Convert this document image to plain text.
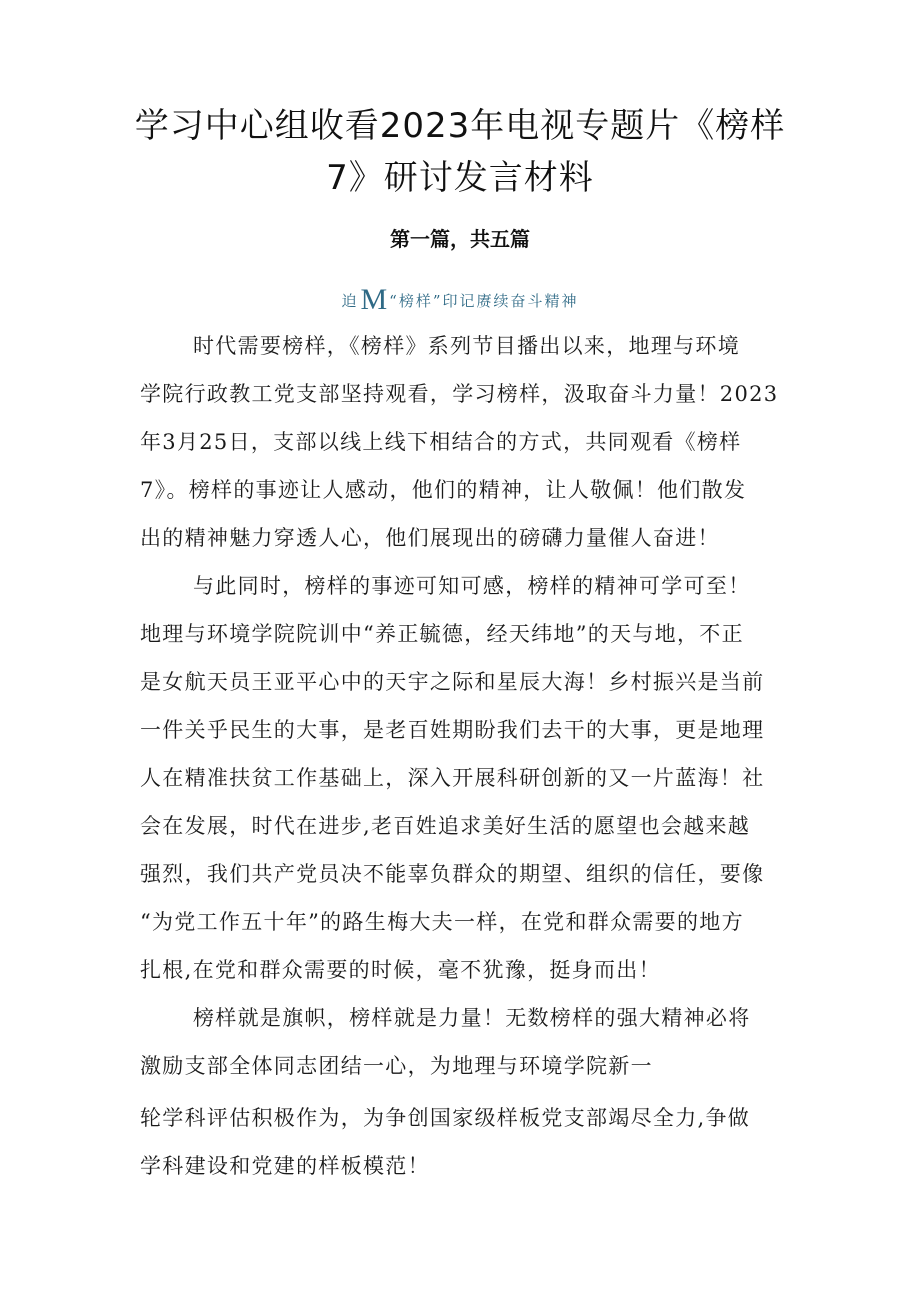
学习中心组收看2023年电视专题片《榜样
7》研讨发言材料
第一篇，共五篇
迫M “榜样”印记赓续奋斗精神
时代需要榜样，《榜样》系列节目播出以来，地理与环境
学院行政教工党支部坚持观看，学习榜样，汲取奋斗力量！2023
年3月25日，支部以线上线下相结合的方式，共同观看《榜样
7》。榜样的事迹让人感动，他们的精神，让人敬佩！他们散发
出的精神魅力穿透人心，他们展现出的磅礴力量催人奋进！
与此同时，榜样的事迹可知可感，榜样的精神可学可至！
地理与环境学院院训中“养正毓德，经天纬地”的天与地，不正
是女航天员王亚平心中的天宇之际和星辰大海！乡村振兴是当前
一件关乎民生的大事，是老百姓期盼我们去干的大事，更是地理
人在精准扶贫工作基础上，深入开展科研创新的又一片蓝海！社
会在发展，时代在进步,老百姓追求美好生活的愿望也会越来越
强烈，我们共产党员决不能辜负群众的期望、组织的信任，要像
“为党工作五十年”的路生梅大夫一样，在党和群众需要的地方
扎根,在党和群众需要的时候，毫不犹豫，挺身而出！
榜样就是旗帜，榜样就是力量！无数榜样的强大精神必将
激励支部全体同志团结一心，为地理与环境学院新一
轮学科评估积极作为，为争创国家级样板党支部竭尽全力,争做
学科建设和党建的样板模范！
